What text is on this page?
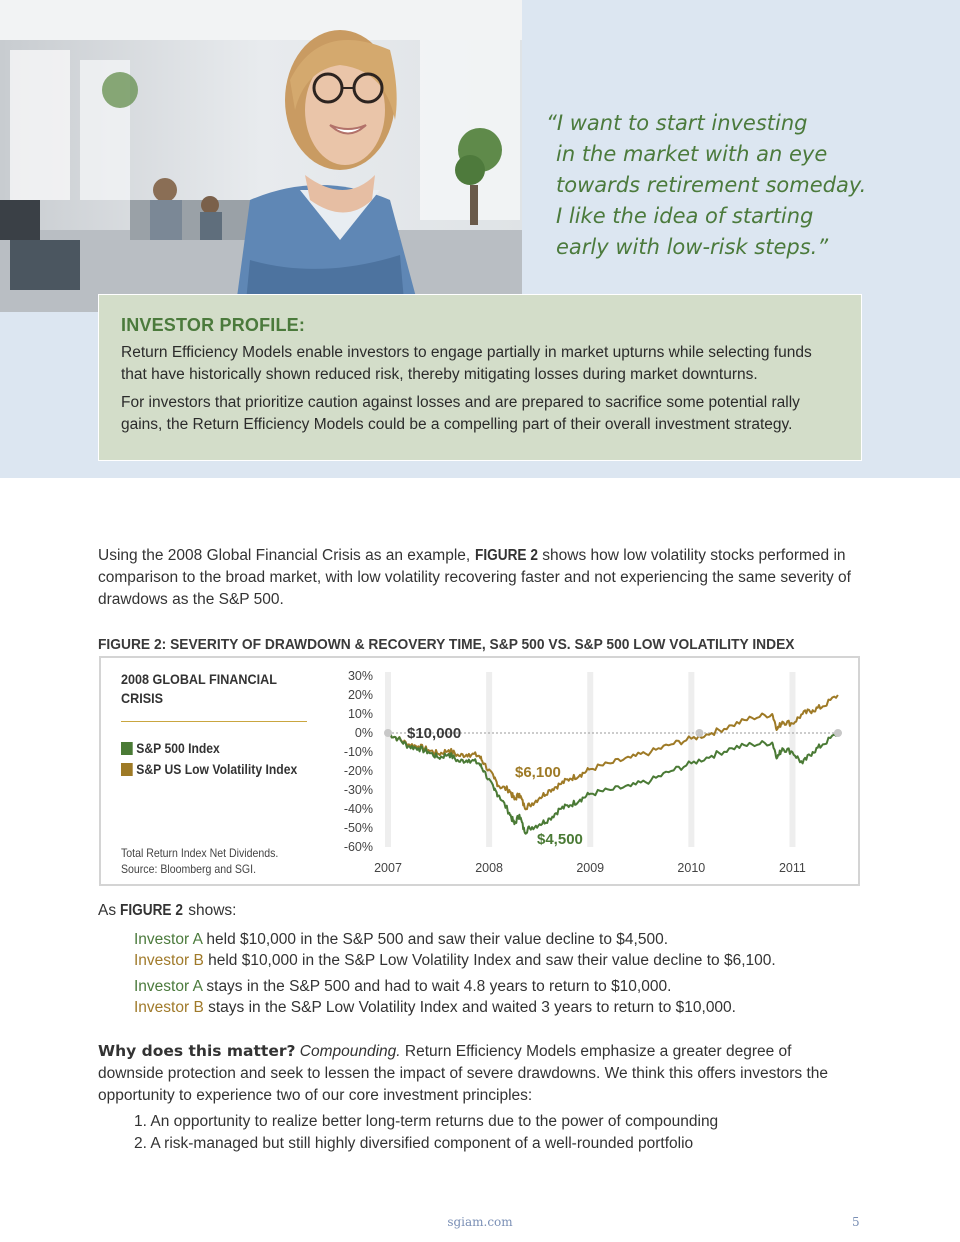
“I want to start investing
in the market with an eye
towards retirement someday.
I like the idea of starting
early with low-risk steps.”
INVESTOR PROFILE:

Return Efficiency Models enable investors to engage partially in market upturns while selecting funds that have historically shown reduced risk, thereby mitigating losses during market downturns.

For investors that prioritize caution against losses and are prepared to sacrifice some potential rally gains, the Return Efficiency Models could be a compelling part of their overall investment strategy.

Using the 2008 Global Financial Crisis as an example, FIGURE 2 shows how low volatility stocks performed in comparison to the broad market, with low volatility recovering faster and not experiencing the same severity of drawdows as the S&P 500.
FIGURE 2: SEVERITY OF DRAWDOWN & RECOVERY TIME, S&P 500 VS. S&P 500 LOW VOLATILITY INDEX
2008 GLOBAL FINANCIAL CRISIS
S&P 500 Index
S&P US Low Volatility Index
Total Return Index Net Dividends.
Source: Bloomberg and SGI.
30%
20%
10%
0%
-10%
-20%
-30%
-40%
-50%
-60%
2007	2008	2009	2010	2011
$10,000
$6,100
$4,500
As FIGURE 2 shows:
Investor A held $10,000 in the S&P 500 and saw their value decline to $4,500.
Investor B held $10,000 in the S&P Low Volatility Index and saw their value decline to $6,100.
Investor A stays in the S&P 500 and had to wait 4.8 years to return to $10,000.
Investor B stays in the S&P Low Volatility Index and waited 3 years to return to $10,000.
Why does this matter? Compounding. Return Efficiency Models emphasize a greater degree of downside protection and seek to lessen the impact of severe drawdowns. We think this offers investors the opportunity to experience two of our core investment principles:
1. An opportunity to realize better long-term returns due to the power of compounding
2. A risk-managed but still highly diversified component of a well-rounded portfolio
sgiam.com	5
